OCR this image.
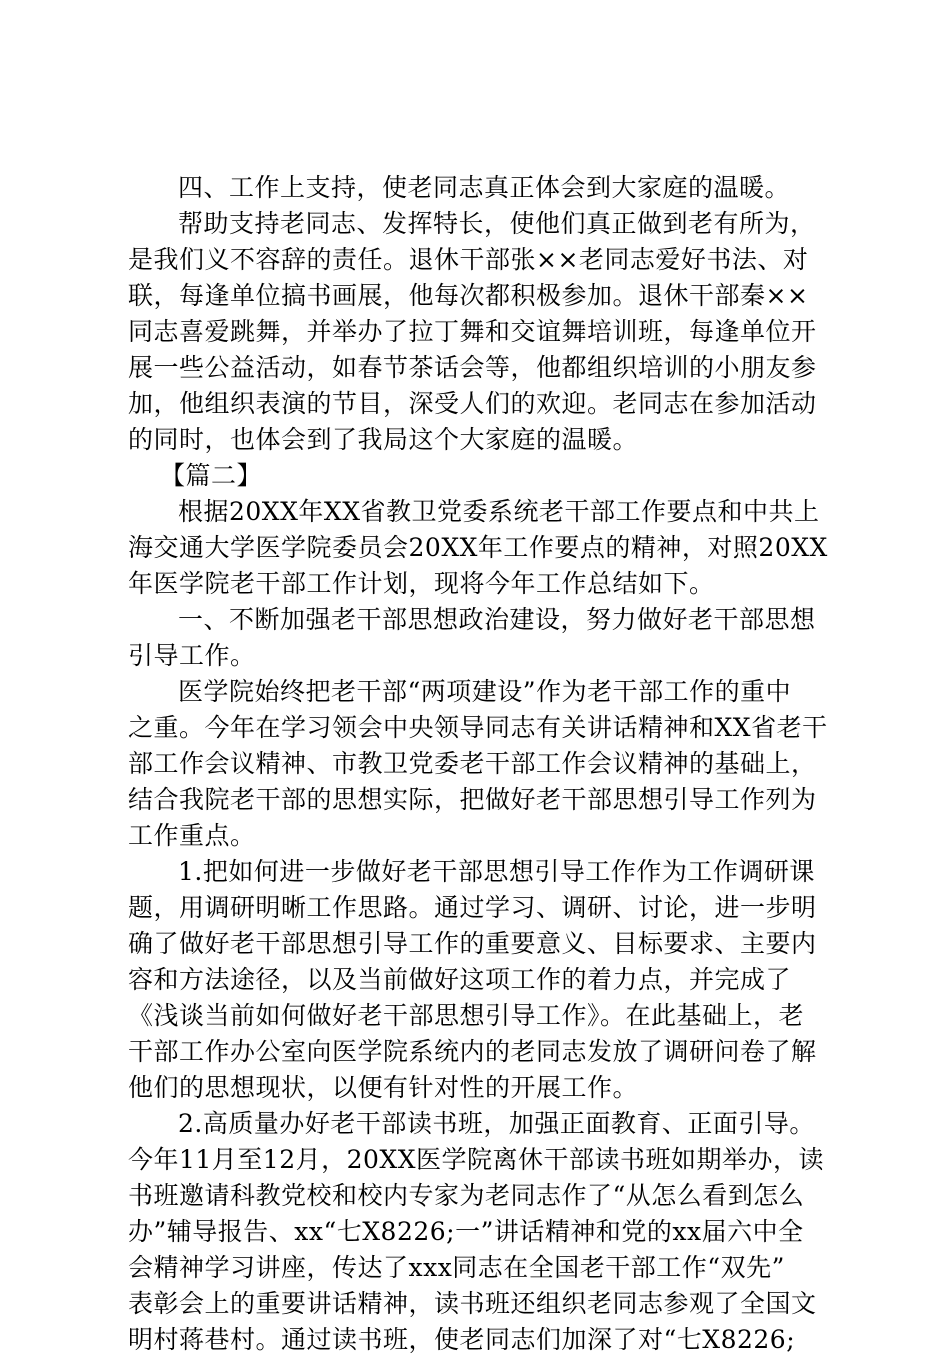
四、工作上支持，使老同志真正体会到大家庭的温暖。
帮助支持老同志、发挥特长，使他们真正做到老有所为，
是我们义不容辞的责任。退休干部张××老同志爱好书法、对
联，每逢单位搞书画展，他每次都积极参加。退休干部秦××
同志喜爱跳舞，并举办了拉丁舞和交谊舞培训班，每逢单位开
展一些公益活动，如春节茶话会等，他都组织培训的小朋友参
加，他组织表演的节目，深受人们的欢迎。老同志在参加活动
的同时，也体会到了我局这个大家庭的温暖。
【篇二】
根据20XX年XX省教卫党委系统老干部工作要点和中共上
海交通大学医学院委员会20XX年工作要点的精神，对照20XX
年医学院老干部工作计划，现将今年工作总结如下。
一、不断加强老干部思想政治建设，努力做好老干部思想
引导工作。
医学院始终把老干部“两项建设”作为老干部工作的重中
之重。今年在学习领会中央领导同志有关讲话精神和XX省老干
部工作会议精神、市教卫党委老干部工作会议精神的基础上，
结合我院老干部的思想实际，把做好老干部思想引导工作列为
工作重点。
1.把如何进一步做好老干部思想引导工作作为工作调研课
题，用调研明晰工作思路。通过学习、调研、讨论，进一步明
确了做好老干部思想引导工作的重要意义、目标要求、主要内
容和方法途径，以及当前做好这项工作的着力点，并完成了
《浅谈当前如何做好老干部思想引导工作》。在此基础上，老
干部工作办公室向医学院系统内的老同志发放了调研问卷了解
他们的思想现状，以便有针对性的开展工作。
2.高质量办好老干部读书班，加强正面教育、正面引导。
今年11月至12月，20XX医学院离休干部读书班如期举办，读
书班邀请科教党校和校内专家为老同志作了“从怎么看到怎么
办”辅导报告、xx“七X8226;一”讲话精神和党的xx届六中全
会精神学习讲座，传达了xxx同志在全国老干部工作“双先”
表彰会上的重要讲话精神，读书班还组织老同志参观了全国文
明村蒋巷村。通过读书班，使老同志们加深了对“七X8226;
